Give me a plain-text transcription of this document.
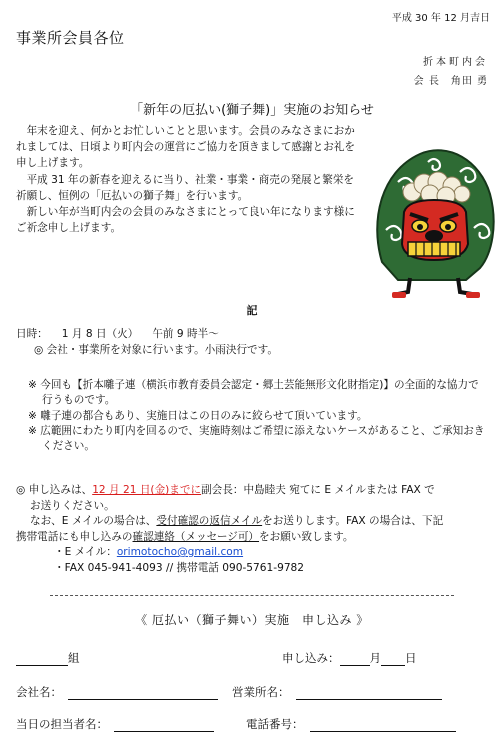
平成 30 年 12 月吉日
事業所会員各位
折本町内会
会 長　角田 勇
「新年の厄払い(獅子舞)」実施のお知らせ

年末を迎え、何かとお忙しいことと思います。会員のみなさまにおかれましては、日頃より町内会の運営にご協力を頂きまして感謝とお礼を申し上げます。

平成 31 年の新春を迎えるに当り、社業・事業・商売の発展と繁栄を祈願し、恒例の「厄払いの獅子舞」を行います。

新しい年が当町内会の会員のみなさまにとって良い年になります様にご祈念申し上げます。

記
日時： 1 月 8 日（火） 午前 9 時半〜
◎ 会社・事業所を対象に行います。小雨決行です。
※ 今回も【折本囃子連（横浜市教育委員会認定・郷土芸能無形文化財指定)】の全面的な協力で行うものです。
※ 囃子連の都合もあり、実施日はこの日のみに絞らせて頂いています。
※ 広範囲にわたり町内を回るので、実施時刻はご希望に添えないケースがあること、ご承知おきください。
◎ 申し込みは、12 月 21 日(金)までに副会長：中島睦夫 宛てに E メイルまたは FAX で
お送りください。
なお、E メイルの場合は、受付確認の返信メイルをお送りします。FAX の場合は、下記
携帯電話にも申し込みの確認連絡（メッセージ可）をお願い致します。
・E メイル：orimotocho@gmail.com
・FAX 045-941-4093 // 携帯電話 090-5761-9782
《 厄払い（獅子舞い）実施　申し込み 》
組	申し込み：	月 日
会社名：	営業所名：
当日の担当者名：	電話番号：
